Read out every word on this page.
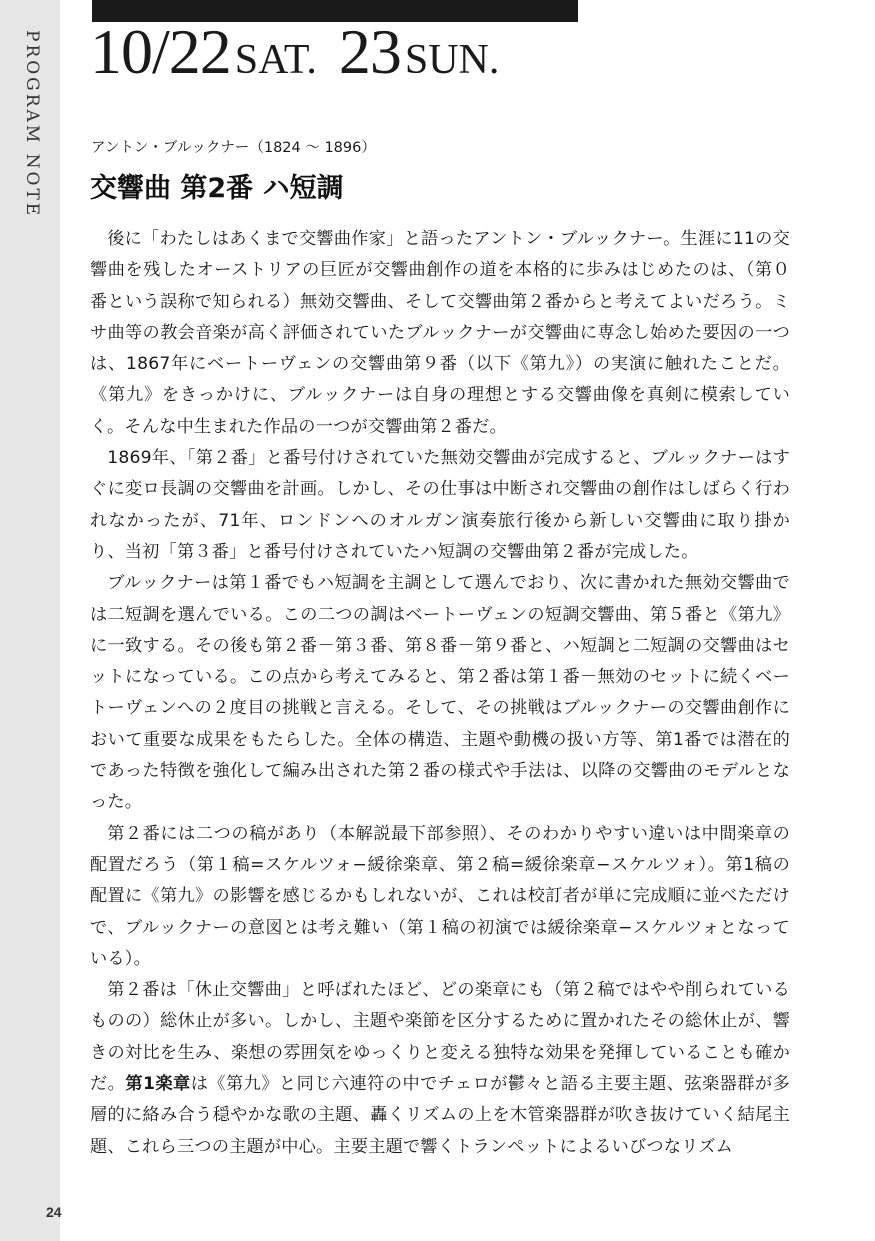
PROGRAM NOTE
24
10/22 SAT. 23 SUN.
アントン・ブルックナー（1824 〜 1896）
交響曲 第2番 ハ短調

後に「わたしはあくまで交響曲作家」と語ったアントン・ブルックナー。生涯に11の交響曲を残したオーストリアの巨匠が交響曲創作の道を本格的に歩みはじめたのは、（第０番という誤称で知られる）無効交響曲、そして交響曲第２番からと考えてよいだろう。ミサ曲等の教会音楽が高く評価されていたブルックナーが交響曲に専念し始めた要因の一つは、1867年にベートーヴェンの交響曲第９番（以下《第九》）の実演に触れたことだ。《第九》をきっかけに、ブルックナーは自身の理想とする交響曲像を真剣に模索していく。そんな中生まれた作品の一つが交響曲第２番だ。

1869年、「第２番」と番号付けされていた無効交響曲が完成すると、ブルックナーはすぐに変ロ長調の交響曲を計画。しかし、その仕事は中断され交響曲の創作はしばらく行われなかったが、71年、ロンドンへのオルガン演奏旅行後から新しい交響曲に取り掛かり、当初「第３番」と番号付けされていたハ短調の交響曲第２番が完成した。

ブルックナーは第１番でもハ短調を主調として選んでおり、次に書かれた無効交響曲では二短調を選んでいる。この二つの調はベートーヴェンの短調交響曲、第５番と《第九》に一致する。その後も第２番－第３番、第８番－第９番と、ハ短調と二短調の交響曲はセットになっている。この点から考えてみると、第２番は第１番－無効のセットに続くベートーヴェンへの２度目の挑戦と言える。そして、その挑戦はブルックナーの交響曲創作において重要な成果をもたらした。全体の構造、主題や動機の扱い方等、第1番では潜在的であった特徴を強化して編み出された第２番の様式や手法は、以降の交響曲のモデルとなった。

第２番には二つの稿があり（本解説最下部参照）、そのわかりやすい違いは中間楽章の配置だろう（第１稿=スケルツォ−緩徐楽章、第２稿=緩徐楽章−スケルツォ）。第1稿の配置に《第九》の影響を感じるかもしれないが、これは校訂者が単に完成順に並べただけで、ブルックナーの意図とは考え難い（第１稿の初演では緩徐楽章−スケルツォとなっている）。

第２番は「休止交響曲」と呼ばれたほど、どの楽章にも（第２稿ではやや削られているものの）総休止が多い。しかし、主題や楽節を区分するために置かれたその総休止が、響きの対比を生み、楽想の雰囲気をゆっくりと変える独特な効果を発揮していることも確かだ。第1楽章は《第九》と同じ六連符の中でチェロが鬱々と語る主要主題、弦楽器群が多層的に絡み合う穏やかな歌の主題、轟くリズムの上を木管楽器群が吹き抜けていく結尾主題、これら三つの主題が中心。主要主題で響くトランペットによるいびつなリズム
